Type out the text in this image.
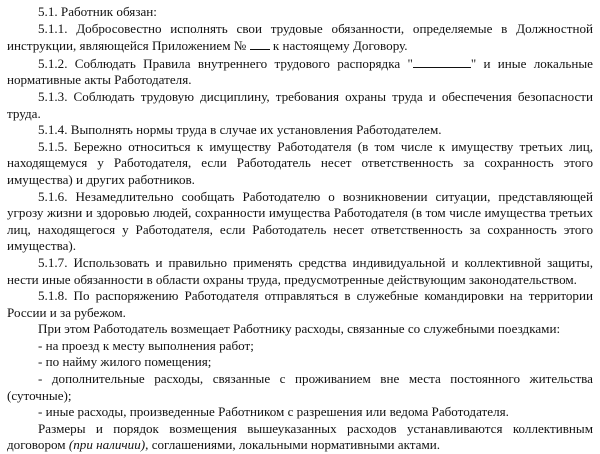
5.1. Работник обязан:

5.1.1. Добросовестно исполнять свои трудовые обязанности, определяемые в Должностной инструкции, являющейся Приложением № к настоящему Договору.

5.1.2. Соблюдать Правила внутреннего трудового распорядка "	" и иные локальные нормативные акты Работодателя.

5.1.3. Соблюдать трудовую дисциплину, требования охраны труда и обеспечения безопасности труда.

5.1.4. Выполнять нормы труда в случае их установления Работодателем.

5.1.5. Бережно относиться к имуществу Работодателя (в том числе к имуществу третьих лиц, находящемуся у Работодателя, если Работодатель несет ответственность за сохранность этого имущества) и других работников.

5.1.6. Незамедлительно сообщать Работодателю о возникновении ситуации, представляющей угрозу жизни и здоровью людей, сохранности имущества Работодателя (в том числе имущества третьих лиц, находящегося у Работодателя, если Работодатель несет ответственность за сохранность этого имущества).

5.1.7. Использовать и правильно применять средства индивидуальной и коллективной защиты, нести иные обязанности в области охраны труда, предусмотренные действующим законодательством.

5.1.8. По распоряжению Работодателя отправляться в служебные командировки на территории России и за рубежом.

При этом Работодатель возмещает Работнику расходы, связанные со служебными поездками:

- на проезд к месту выполнения работ;

- по найму жилого помещения;

- дополнительные расходы, связанные с проживанием вне места постоянного жительства (суточные);

- иные расходы, произведенные Работником с разрешения или ведома Работодателя.

Размеры и порядок возмещения вышеуказанных расходов устанавливаются коллективным договором (при наличии), соглашениями, локальными нормативными актами.
